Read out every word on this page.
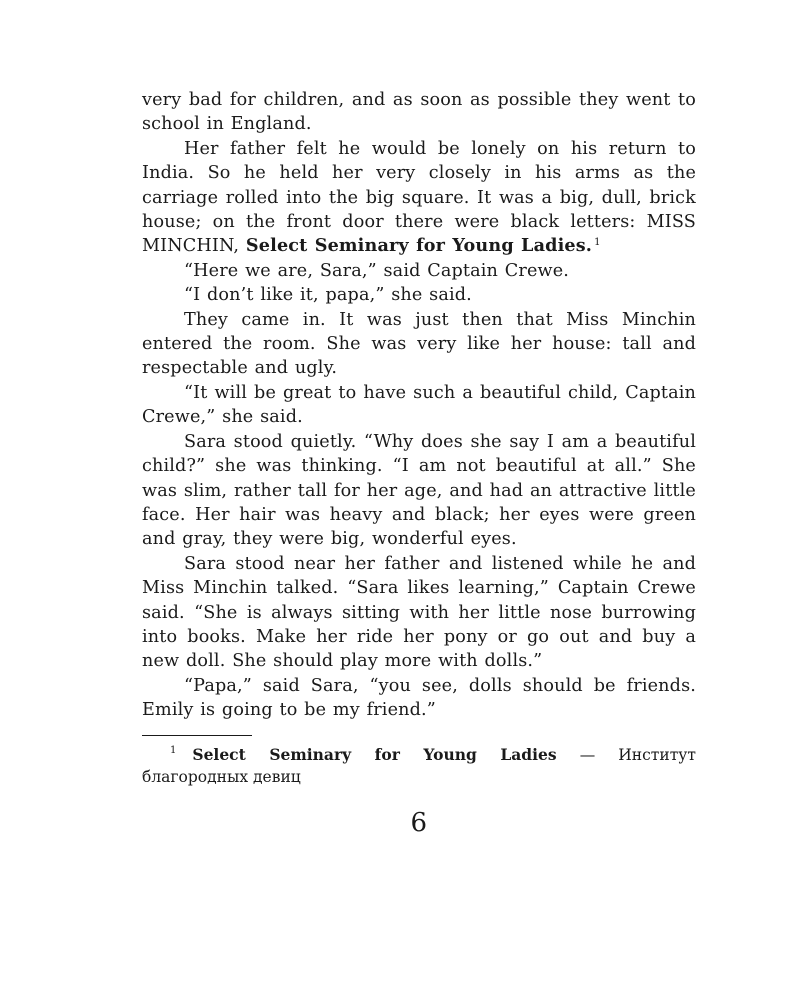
very bad for children, and as soon as possible they went to school in England.

Her father felt he would be lonely on his return to India. So he held her very closely in his arms as the carriage rolled into the big square. It was a big, dull, brick house; on the front door there were black letters: MISS MINCHIN, Select Seminary for Young Ladies. $^1$

“Here we are, Sara,” said Captain Crewe.

“I don’t like it, papa,” she said.

They came in. It was just then that Miss Minchin entered the room. She was very like her house: tall and respectable and ugly.

“It will be great to have such a beautiful child, Captain Crewe,” she said.

Sara stood quietly. “Why does she say I am a beautiful child?” she was thinking. “I am not beautiful at all.” She was slim, rather tall for her age, and had an attractive little face. Her hair was heavy and black; her eyes were green and gray, they were big, wonderful eyes.

Sara stood near her father and listened while he and Miss Minchin talked. “Sara likes learning,” Captain Crewe said. “She is always sitting with her little nose burrowing into books. Make her ride her pony or go out and buy a new doll. She should play more with dolls.”

“Papa,” said Sara, “you see, dolls should be friends. Emily is going to be my friend.”

$^1$ Select Seminary for Young Ladies — Институт благородных девиц

6
